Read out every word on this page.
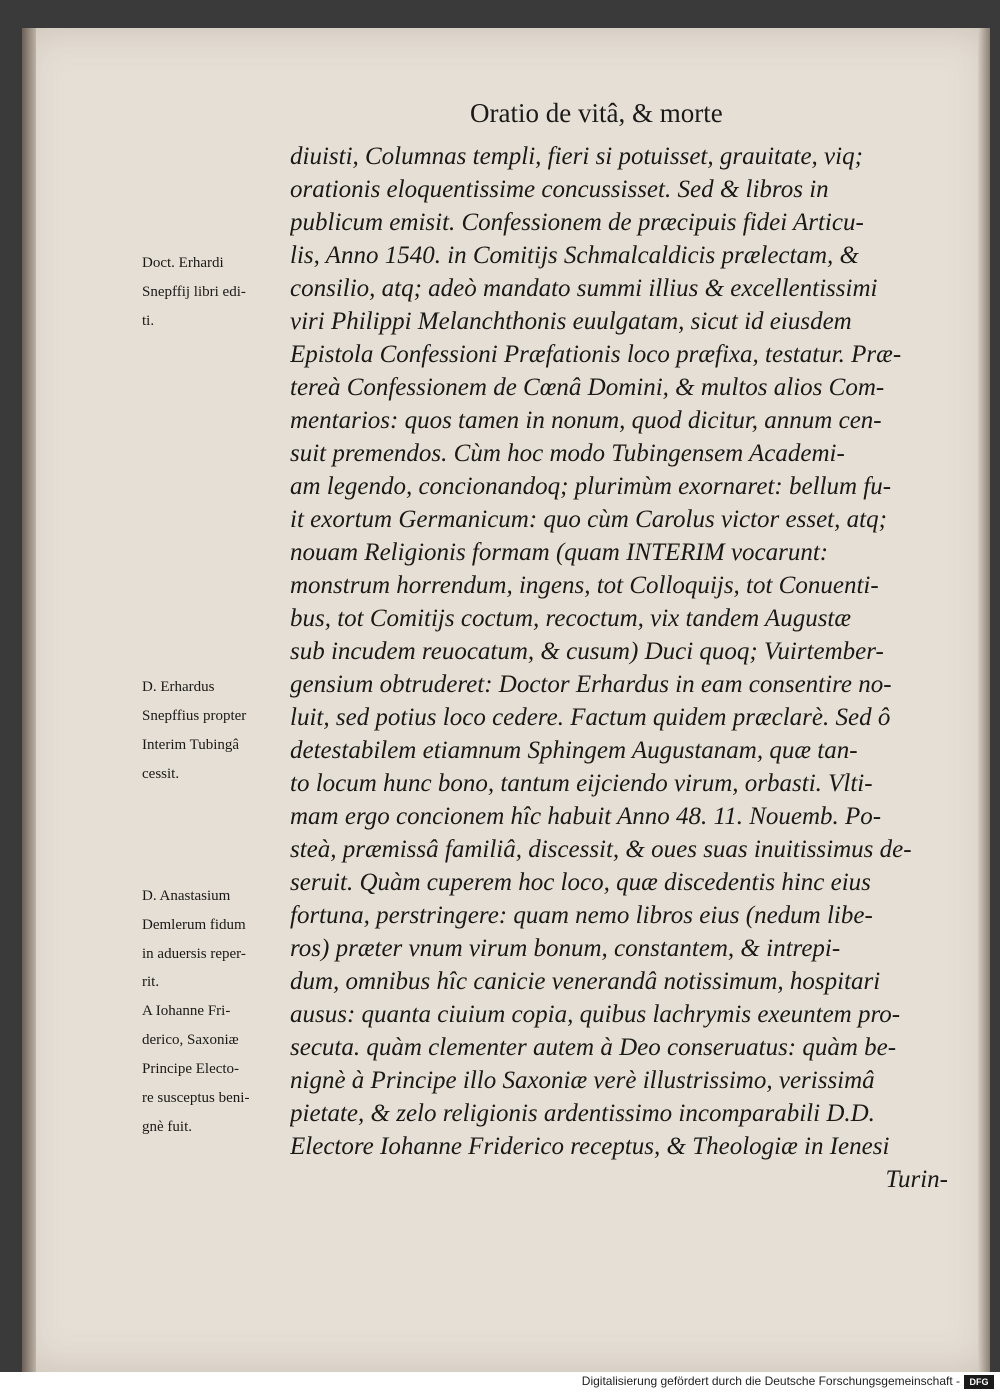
Oratio de vitâ, & morte
diuisti, Columnas templi, fieri si potuisset, grauitate, viq;
orationis eloquentissime concussisset. Sed & libros in
publicum emisit. Confessionem de præcipuis fidei Articu-
lis, Anno 1540. in Comitijs Schmalcaldicis prælectam, &
consilio, atq; adeò mandato summi illius & excellentissimi
viri Philippi Melanchthonis euulgatam, sicut id eiusdem
Epistola Confessioni Præfationis loco præfixa, testatur. Præ-
tereà Confessionem de Cœnâ Domini, & multos alios Com-
mentarios: quos tamen in nonum, quod dicitur, annum cen-
suit premendos. Cùm hoc modo Tubingensem Academi-
am legendo, concionandoq; plurimùm exornaret: bellum fu-
it exortum Germanicum: quo cùm Carolus victor esset, atq;
nouam Religionis formam (quam INTERIM vocarunt:
monstrum horrendum, ingens, tot Colloquijs, tot Conuenti-
bus, tot Comitijs coctum, recoctum, vix tandem Augustæ
sub incudem reuocatum, & cusum) Duci quoq; Vuirtember-
gensium obtruderet: Doctor Erhardus in eam consentire no-
luit, sed potius loco cedere. Factum quidem præclarè. Sed ô
detestabilem etiamnum Sphingem Augustanam, quæ tan-
to locum hunc bono, tantum eijciendo virum, orbasti. Vlti-
mam ergo concionem hîc habuit Anno 48. 11. Nouemb. Po-
steà, præmissâ familiâ, discessit, & oues suas inuitissimus de-
seruit. Quàm cuperem hoc loco, quæ discedentis hinc eius
fortuna, perstringere: quam nemo libros eius (nedum libe-
ros) præter vnum virum bonum, constantem, & intrepi-
dum, omnibus hîc canicie venerandâ notissimum, hospitari
ausus: quanta ciuium copia, quibus lachrymis exeuntem pro-
secuta. quàm clementer autem à Deo conseruatus: quàm be-
nignè à Principe illo Saxoniæ verè illustrissimo, verissimâ
pietate, & zelo religionis ardentissimo incomparabili D.D.
Electore Iohanne Friderico receptus, & Theologiæ in Ienesi
Turin-
Doct. Erhardi
Snepffij libri edi-
ti.
D. Erhardus
Snepffius propter
Interim Tubingâ
cessit.
D. Anastasium
Demlerum fidum
in aduersis reper-
rit.
A Iohanne Fri-
derico, Saxoniæ
Principe Electo-
re susceptus beni-
gnè fuit.
Digitalisierung gefördert durch die Deutsche Forschungsgemeinschaft -	DFG
